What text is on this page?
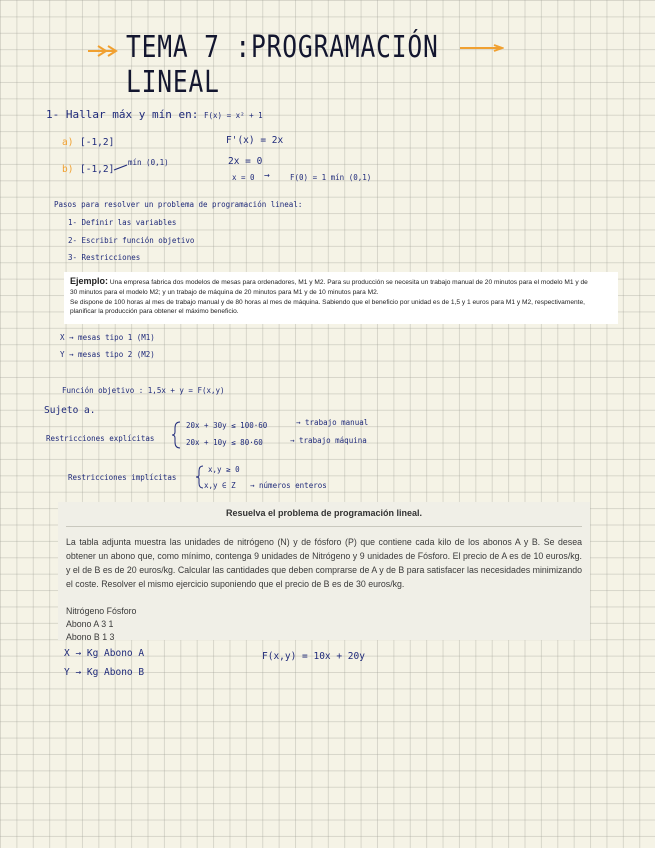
TEMA 7 :PROGRAMACIÓN LINEAL
1- Hallar máx y mín en: F(x) = x² + 1
a) [-1,2]	F'(x) = 2x
b) [-1,2]
mín (0,1)	2x = 0
x = 0 →	F(0) = 1 mín (0,1)
Pasos para resolver un problema de programación lineal:
1- Definir las variables
2- Escribir función objetivo
3- Restricciones
Ejemplo: Una empresa fabrica dos modelos de mesas para ordenadores, M1 y M2. Para su producción se necesita un trabajo manual de 20 minutos para el modelo M1 y de
30 minutos para el modelo M2; y un trabajo de máquina de 20 minutos para M1 y de 10 minutos para M2.
Se dispone de 100 horas al mes de trabajo manual y de 80 horas al mes de máquina. Sabiendo que el beneficio por unidad es de 1,5 y 1 euros para M1 y M2, respectivamente,
planificar la producción para obtener el máximo beneficio.
X → mesas tipo 1 (M1)
Y → mesas tipo 2 (M2)
Función objetivo : 1,5x + y = F(x,y)
Sujeto a.
Restricciones explícitas
20x + 30y ≤ 100·60	→ trabajo manual
20x + 10y ≤ 80·60	→ trabajo máquina
Restricciones implícitas
x,y ≥ 0
x,y ∈ Z → números enteros
Resuelva el problema de programación lineal.
La tabla adjunta muestra las unidades de nitrógeno (N) y de fósforo (P) que contiene cada kilo de los abonos A y B. Se desea obtener un abono que, como mínimo, contenga 9 unidades de Nitrógeno y 9 unidades de Fósforo. El precio de A es de 10 euros/kg. y el de B es de 20 euros/kg. Calcular las cantidades que deben comprarse de A y de B para satisfacer las necesidades minimizando el coste. Resolver el mismo ejercicio suponiendo que el precio de B es de 30 euros/kg.
Nitrógeno Fósforo
Abono A 3 1
Abono B 1 3
X → Kg Abono A
Y → Kg Abono B
F(x,y) = 10x + 20y
